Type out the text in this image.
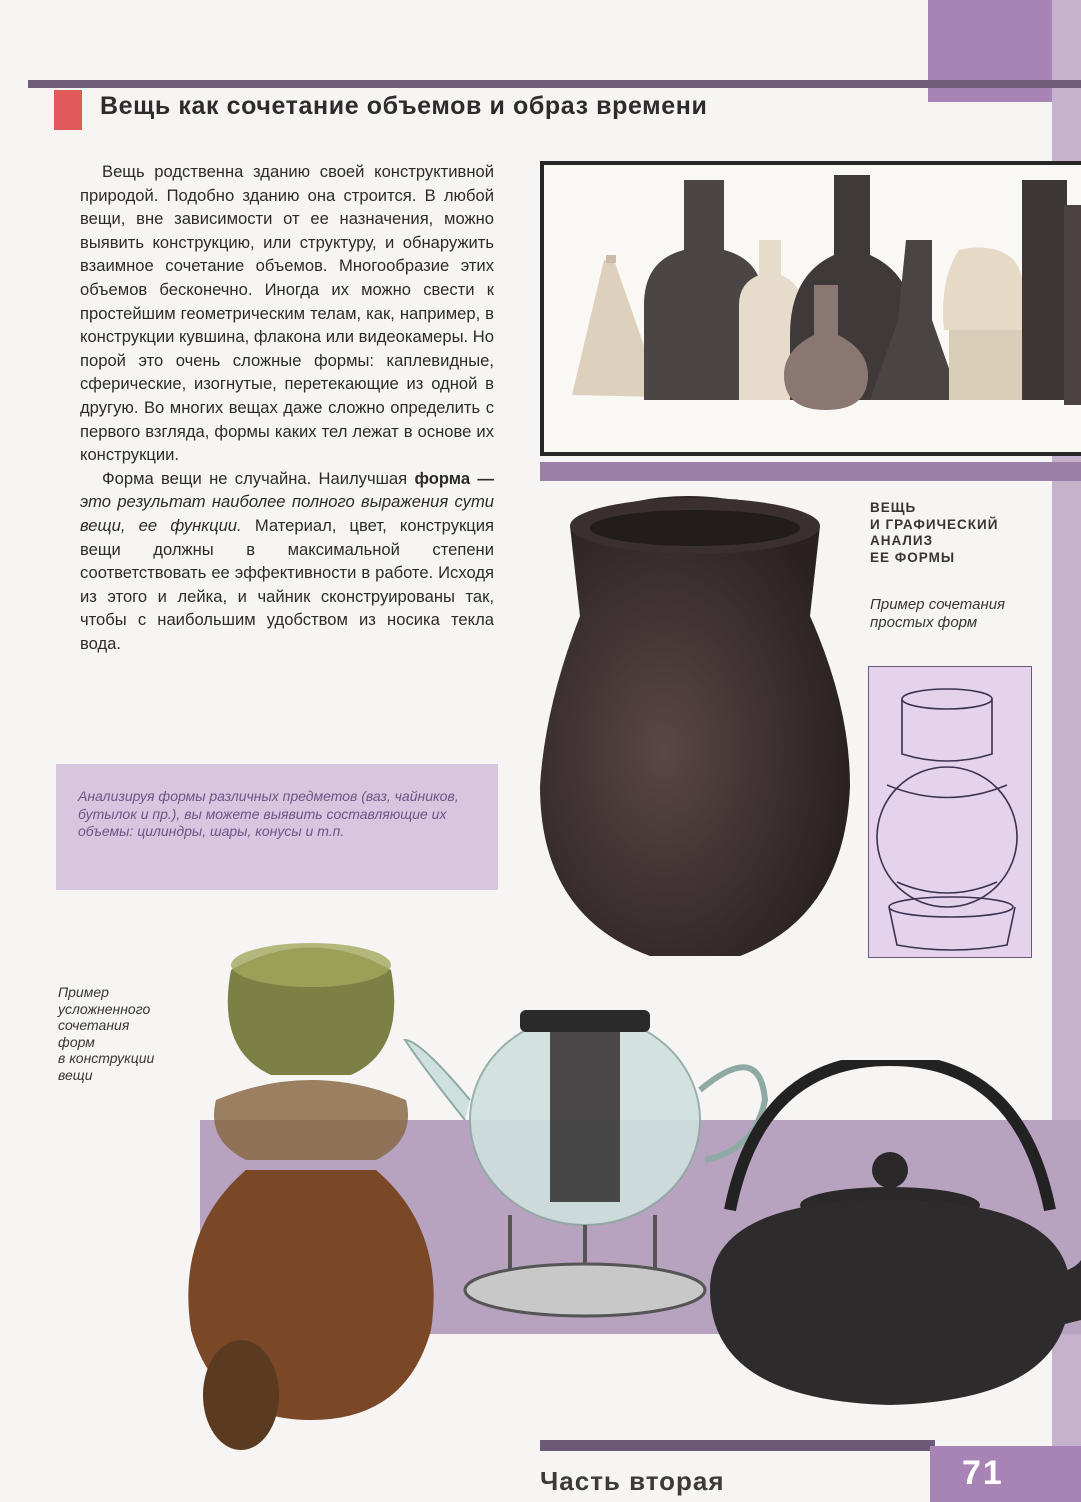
Вещь как сочетание объемов и образ времени

Вещь родственна зданию своей конструктивной природой. Подобно зданию она строится. В любой вещи, вне зависимости от ее назначения, можно выявить конструкцию, или структуру, и обнаружить взаимное сочетание объемов. Многообразие этих объемов бесконечно. Иногда их можно свести к простейшим геометрическим телам, как, например, в конструкции кувшина, флакона или видеокамеры. Но порой это очень сложные формы: каплевидные, сферические, изогнутые, перетекающие из одной в другую. Во многих вещах даже сложно определить с первого взгляда, формы каких тел лежат в основе их конструкции.

Форма вещи не случайна. Наилучшая форма — это результат наиболее полного выражения сути вещи, ее функции. Материал, цвет, конструкция вещи должны в максимальной степени соответствовать ее эффективности в работе. Исходя из этого и лейка, и чайник сконструированы так, чтобы с наибольшим удобством из носика текла вода.

ВЕЩЬ
И ГРАФИЧЕСКИЙ
АНАЛИЗ
ЕЕ ФОРМЫ
Пример сочетания
простых форм
Анализируя формы различных предметов (ваз, чайников, бутылок и пр.), вы можете выявить составляющие их объемы: цилиндры, шары, конусы и т.п.
Пример
усложненного
сочетания
форм
в конструкции
вещи
Часть вторая	71
